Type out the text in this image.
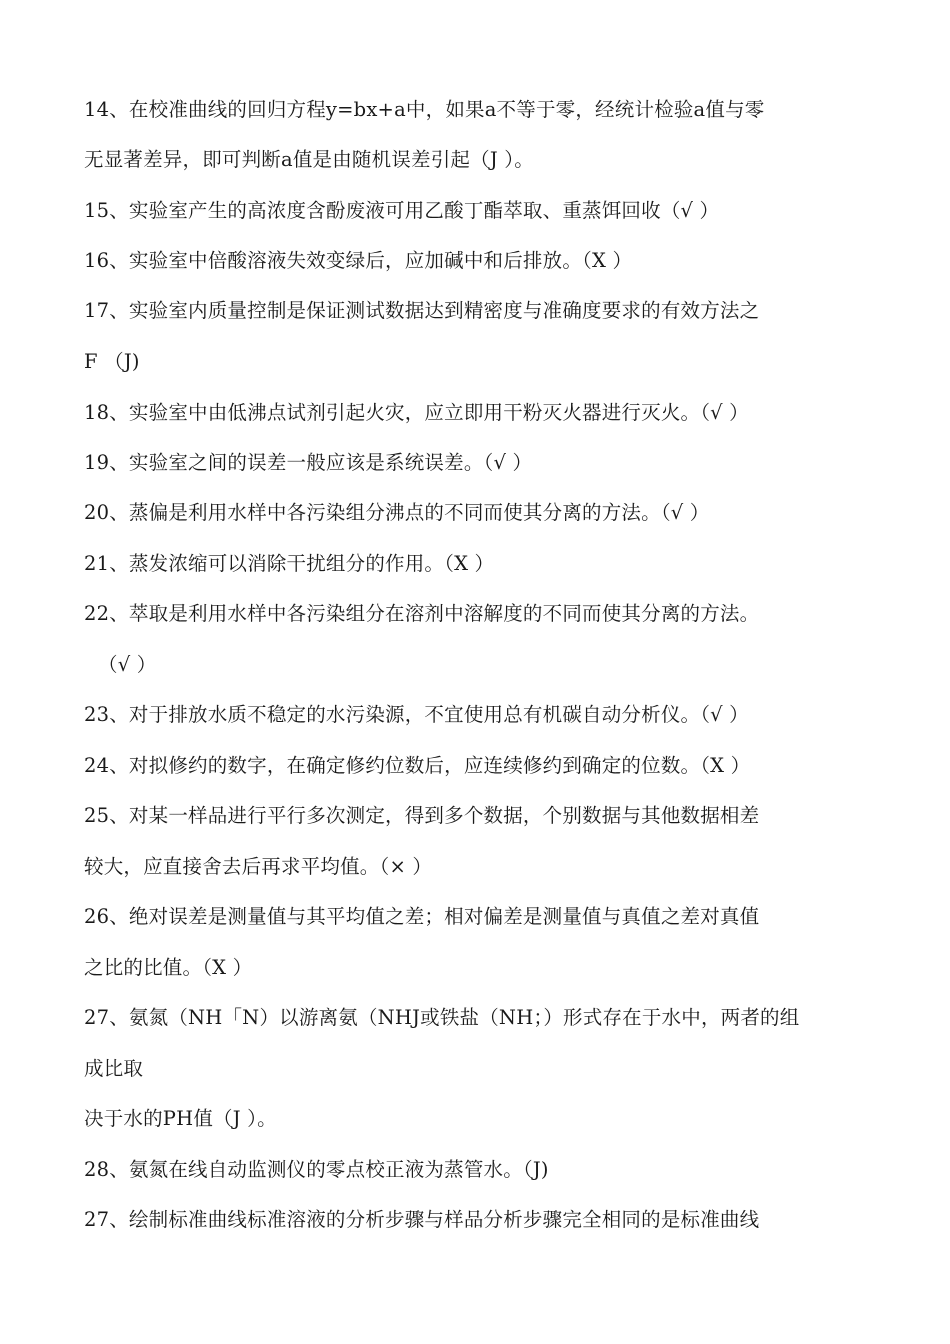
14、在校准曲线的回归方程y=bx+a中，如果a不等于零，经统计检验a值与零
无显著差异，即可判断a值是由随机误差引起（J ）。
15、实验室产生的高浓度含酚废液可用乙酸丁酯萃取、重蒸饵回收（√ ）
16、实验室中倍酸溶液失效变绿后，应加碱中和后排放。（X ）
17、实验室内质量控制是保证测试数据达到精密度与准确度要求的有效方法之
F （J)
18、实验室中由低沸点试剂引起火灾，应立即用干粉灭火器进行灭火。（√ ）
19、实验室之间的误差一般应该是系统误差。（√ ）
20、蒸偏是利用水样中各污染组分沸点的不同而使其分离的方法。（√ ）
21、蒸发浓缩可以消除干扰组分的作用。（X ）
22、萃取是利用水样中各污染组分在溶剂中溶解度的不同而使其分离的方法。
（√ ）
23、对于排放水质不稳定的水污染源，不宜使用总有机碳自动分析仪。（√ ）
24、对拟修约的数字，在确定修约位数后，应连续修约到确定的位数。（X ）
25、对某一样品进行平行多次测定，得到多个数据，个别数据与其他数据相差
较大，应直接舍去后再求平均值。（× ）
26、绝对误差是测量值与其平均值之差；相对偏差是测量值与真值之差对真值
之比的比值。（X ）
27、氨氮（NH「N）以游离氨（NHJ或铁盐（NH；）形式存在于水中，两者的组
成比取
决于水的PH值（J ）。
28、氨氮在线自动监测仪的零点校正液为蒸管水。（J)
27、绘制标准曲线标准溶液的分析步骤与样品分析步骤完全相同的是标准曲线
